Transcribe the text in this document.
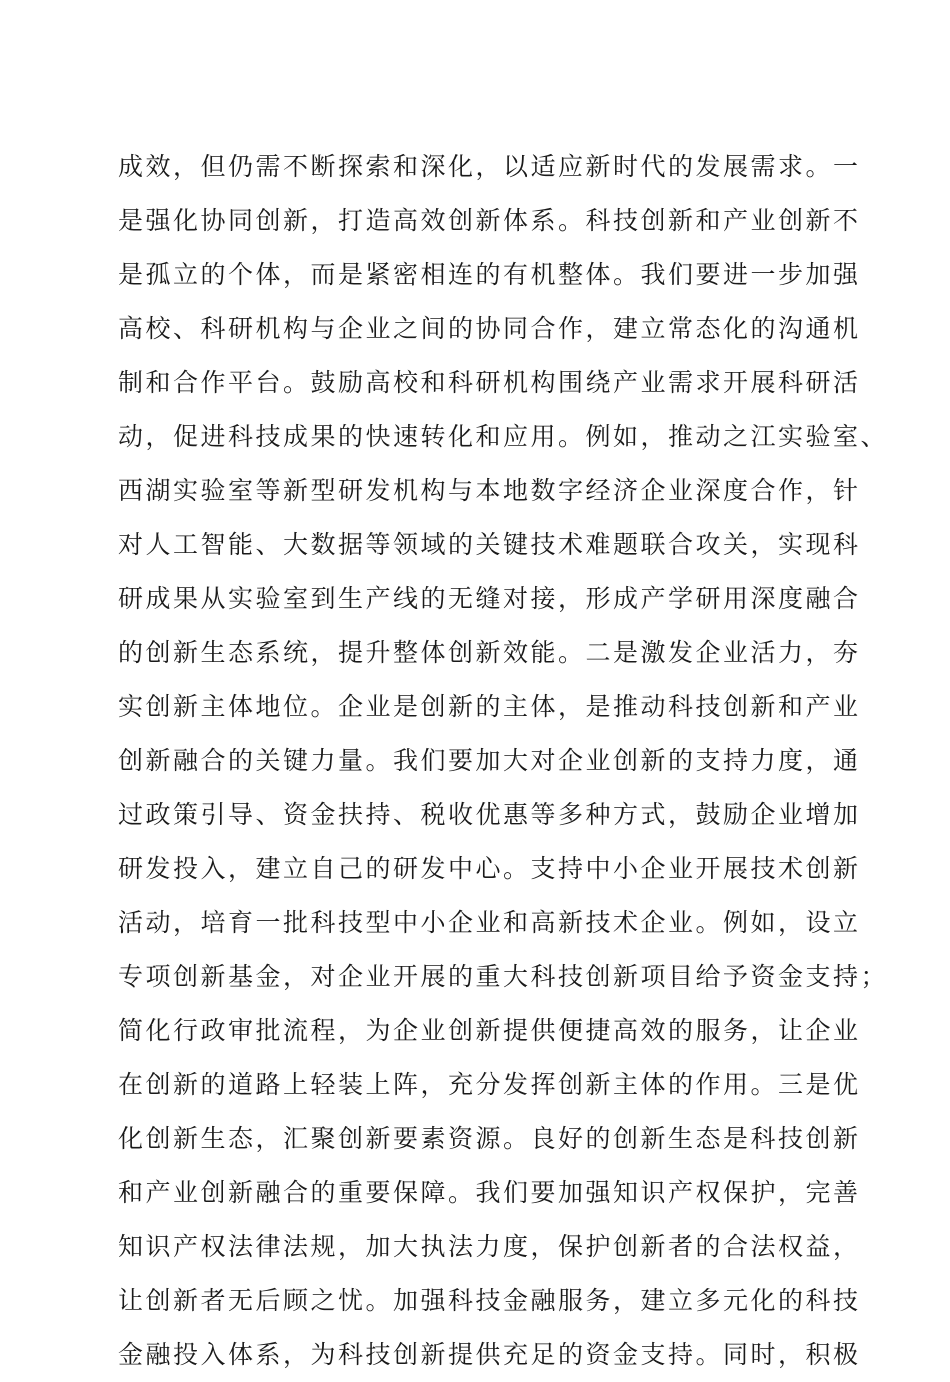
成效，但仍需不断探索和深化，以适应新时代的发展需求。一
是强化协同创新，打造高效创新体系。科技创新和产业创新不
是孤立的个体，而是紧密相连的有机整体。我们要进一步加强
高校、科研机构与企业之间的协同合作，建立常态化的沟通机
制和合作平台。鼓励高校和科研机构围绕产业需求开展科研活
动，促进科技成果的快速转化和应用。例如，推动之江实验室、
西湖实验室等新型研发机构与本地数字经济企业深度合作，针
对人工智能、大数据等领域的关键技术难题联合攻关，实现科
研成果从实验室到生产线的无缝对接，形成产学研用深度融合
的创新生态系统，提升整体创新效能。二是激发企业活力，夯
实创新主体地位。企业是创新的主体，是推动科技创新和产业
创新融合的关键力量。我们要加大对企业创新的支持力度，通
过政策引导、资金扶持、税收优惠等多种方式，鼓励企业增加
研发投入，建立自己的研发中心。支持中小企业开展技术创新
活动，培育一批科技型中小企业和高新技术企业。例如，设立
专项创新基金，对企业开展的重大科技创新项目给予资金支持；
简化行政审批流程，为企业创新提供便捷高效的服务，让企业
在创新的道路上轻装上阵，充分发挥创新主体的作用。三是优
化创新生态，汇聚创新要素资源。良好的创新生态是科技创新
和产业创新融合的重要保障。我们要加强知识产权保护，完善
知识产权法律法规，加大执法力度，保护创新者的合法权益，
让创新者无后顾之忧。加强科技金融服务，建立多元化的科技
金融投入体系，为科技创新提供充足的资金支持。同时，积极
